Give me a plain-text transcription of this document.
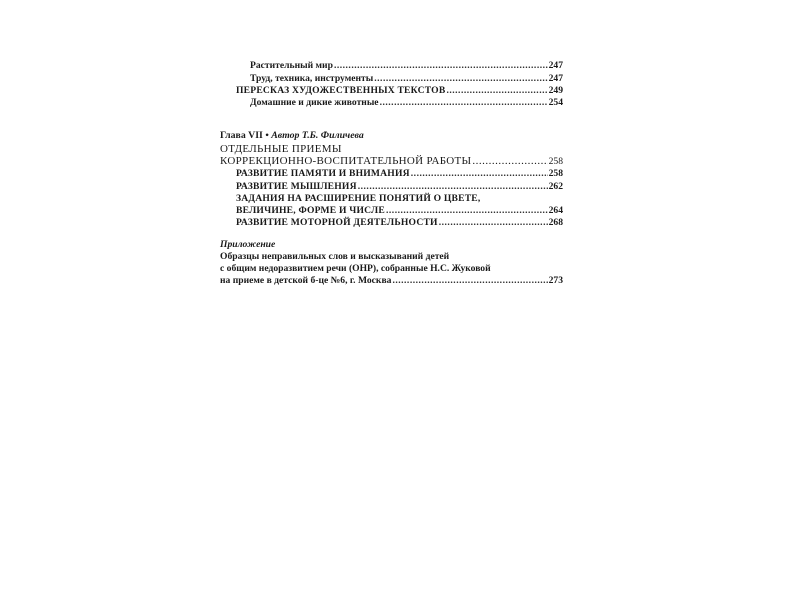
Растительный мир .....	247
Труд, техника, инструменты .....	247
ПЕРЕСКАЗ ХУДОЖЕСТВЕННЫХ ТЕКСТОВ .....	249
Домашние и дикие животные .....	254
Глава VII • Автор Т.Б. Филичева
ОТДЕЛЬНЫЕ ПРИЕМЫ
КОРРЕКЦИОННО-ВОСПИТАТЕЛЬНОЙ РАБОТЫ .....	258
РАЗВИТИЕ ПАМЯТИ И ВНИМАНИЯ .....	258
РАЗВИТИЕ МЫШЛЕНИЯ .....	262
ЗАДАНИЯ НА РАСШИРЕНИЕ ПОНЯТИЙ О ЦВЕТЕ,
ВЕЛИЧИНЕ, ФОРМЕ И ЧИСЛЕ .....	264
РАЗВИТИЕ МОТОРНОЙ ДЕЯТЕЛЬНОСТИ .....	268
Приложение
Образцы неправильных слов и высказываний детей
с общим недоразвитием речи (ОНР), собранные Н.С. Жуковой
на приеме в детской б-це №6, г. Москва .....	273
